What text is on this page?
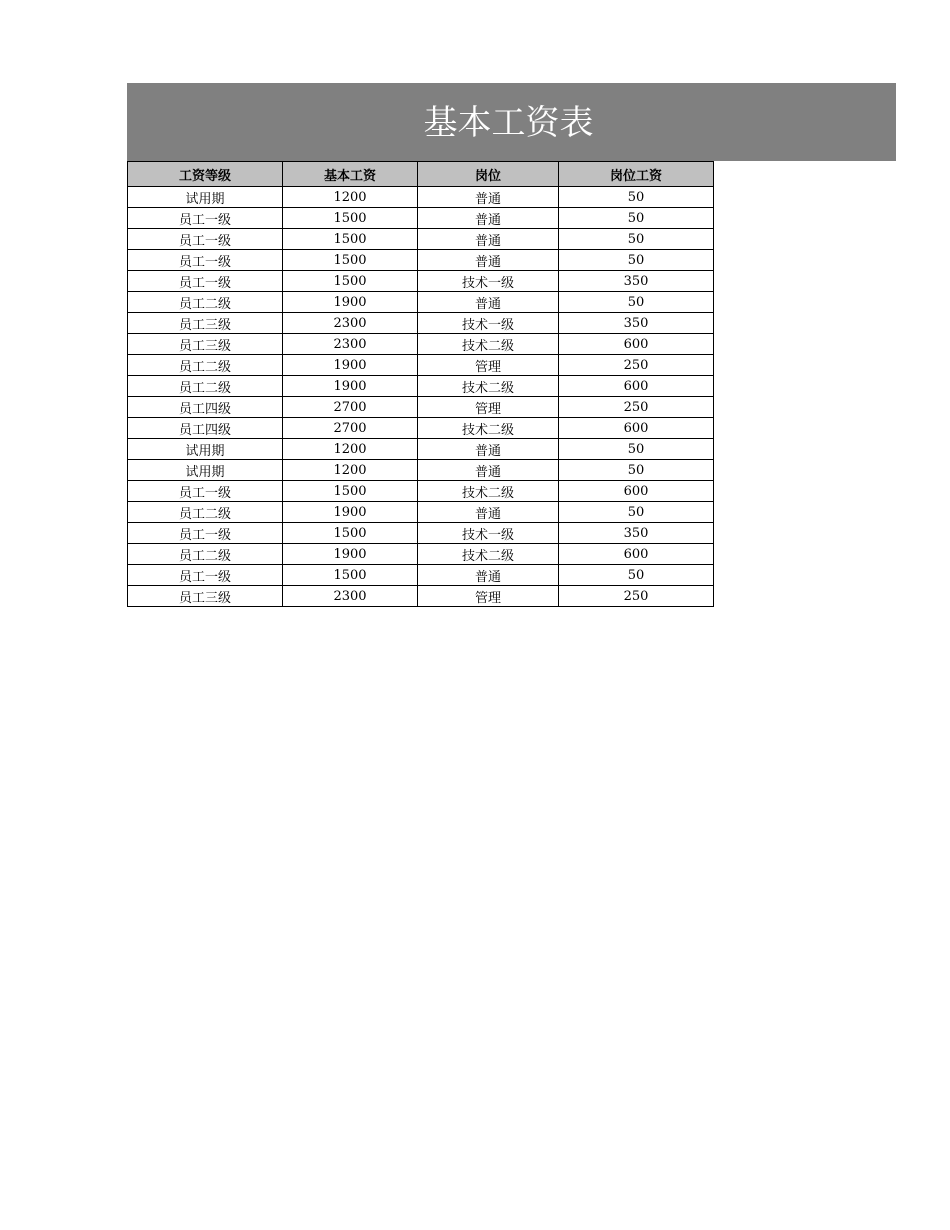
基本工资表
工资等级	基本工资	岗位	岗位工资
试用期	1200	普通	50
员工一级	1500	普通	50
员工一级	1500	普通	50
员工一级	1500	普通	50
员工一级	1500	技术一级	350
员工二级	1900	普通	50
员工三级	2300	技术一级	350
员工三级	2300	技术二级	600
员工二级	1900	管理	250
员工二级	1900	技术二级	600
员工四级	2700	管理	250
员工四级	2700	技术二级	600
试用期	1200	普通	50
试用期	1200	普通	50
员工一级	1500	技术二级	600
员工二级	1900	普通	50
员工一级	1500	技术一级	350
员工二级	1900	技术二级	600
员工一级	1500	普通	50
员工三级	2300	管理	250
